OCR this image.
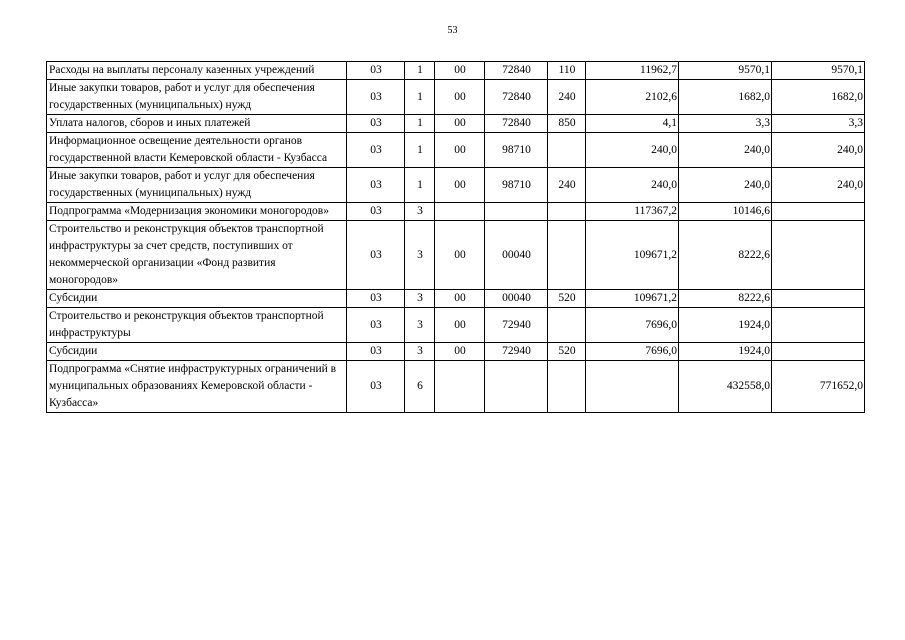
53
Расходы на выплаты персоналу казенных учреждений	03	1	00	72840	110	11962,7	9570,1	9570,1
Иные закупки товаров, работ и услуг для обеспечения государственных (муниципальных) нужд	03	1	00	72840	240	2102,6	1682,0	1682,0
Уплата налогов, сборов и иных платежей	03	1	00	72840	850	4,1	3,3	3,3
Информационное освещение деятельности органов государственной власти Кемеровской области - Кузбасса	03	1	00	98710		240,0	240,0	240,0
Иные закупки товаров, работ и услуг для обеспечения государственных (муниципальных) нужд	03	1	00	98710	240	240,0	240,0	240,0
Подпрограмма «Модернизация экономики моногородов»	03	3				117367,2	10146,6	
Строительство и реконструкция объектов транспортной инфраструктуры за счет средств, поступивших от некоммерческой организации «Фонд развития моногородов»	03	3	00	00040		109671,2	8222,6	
Субсидии	03	3	00	00040	520	109671,2	8222,6	
Строительство и реконструкция объектов транспортной инфраструктуры	03	3	00	72940		7696,0	1924,0	
Субсидии	03	3	00	72940	520	7696,0	1924,0	
Подпрограмма «Снятие инфраструктурных ограничений в муниципальных образованиях Кемеровской области - Кузбасса»	03	6					432558,0	771652,0
